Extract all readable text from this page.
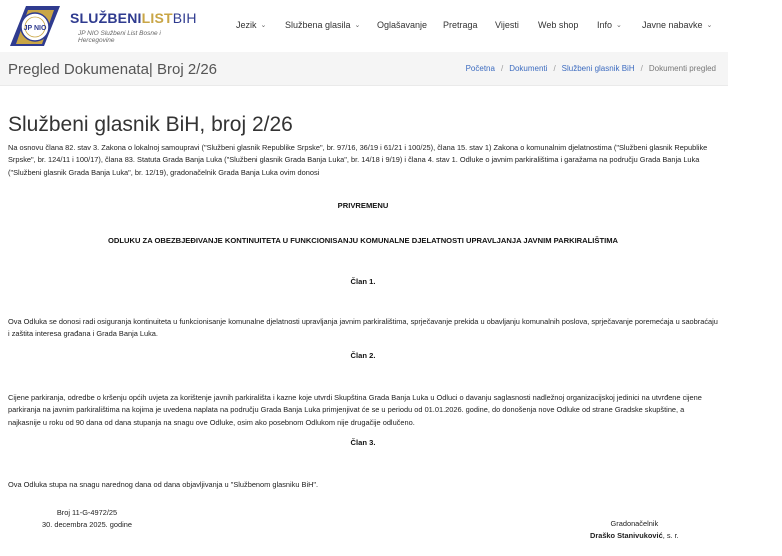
JP NIO
SLUŽBENILISTBIH
JP NIO Službeni List Bosne i Hercegovine
Jezik ⌄ Službena glasila ⌄ Oglašavanje Pretraga Vijesti Web shop Info ⌄ Javne nabavke ⌄
Pregled Dokumenata| Broj 2/26	Početna / Dokumenti / Službeni glasnik BiH / Dokumenti pregled
Službeni glasnik BiH, broj 2/26

Na osnovu člana 82. stav 3. Zakona o lokalnoj samoupravi ("Službeni glasnik Republike Srpske", br. 97/16, 36/19 i 61/21 i 100/25), člana 15. stav 1) Zakona o komunalnim djelatnostima ("Službeni glasnik Republike Srpske", br. 124/11 i 100/17), člana 83. Statuta Grada Banja Luka ("Službeni glasnik Grada Banja Luka", br. 14/18 i 9/19) i člana 4. stav 1. Odluke o javnim parkiralištima i garažama na području Grada Banja Luka ("Službeni glasnik Grada Banja Luka", br. 12/19), gradonačelnik Grada Banja Luka ovim donosi

PRIVREMENU
ODLUKU ZA OBEZBJEĐIVANJE KONTINUITETA U FUNKCIONISANJU KOMUNALNE DJELATNOSTI UPRAVLJANJA JAVNIM PARKIRALIŠTIMA
Član 1.

Ova Odluka se donosi radi osiguranja kontinuiteta u funkcionisanje komunalne djelatnosti upravljanja javnim parkiralištima, sprječavanje prekida u obavljanju komunalnih poslova, sprječavanje poremećaja u saobraćaju i zaštita interesa građana i Grada Banja Luka.

Član 2.

Cijene parkiranja, odredbe o kršenju općih uvjeta za korištenje javnih parkirališta i kazne koje utvrdi Skupština Grada Banja Luka u Odluci o davanju saglasnosti nadležnoj organizacijskoj jedinici na utvrđene cijene parkiranja na javnim parkiralištima na kojima je uvedena naplata na području Grada Banja Luka primjenjivat će se u periodu od 01.01.2026. godine, do donošenja nove Odluke od strane Gradske skupštine, a najkasnije u roku od 90 dana od dana stupanja na snagu ove Odluke, osim ako posebnom Odlukom nije drugačije odlučeno.

Član 3.

Ova Odluka stupa na snagu narednog dana od dana objavljivanja u "Službenom glasniku BiH".

Broj 11-G-4972/25
30. decembra 2025. godine	Gradonačelnik
Draško Stanivuković, s. r.
